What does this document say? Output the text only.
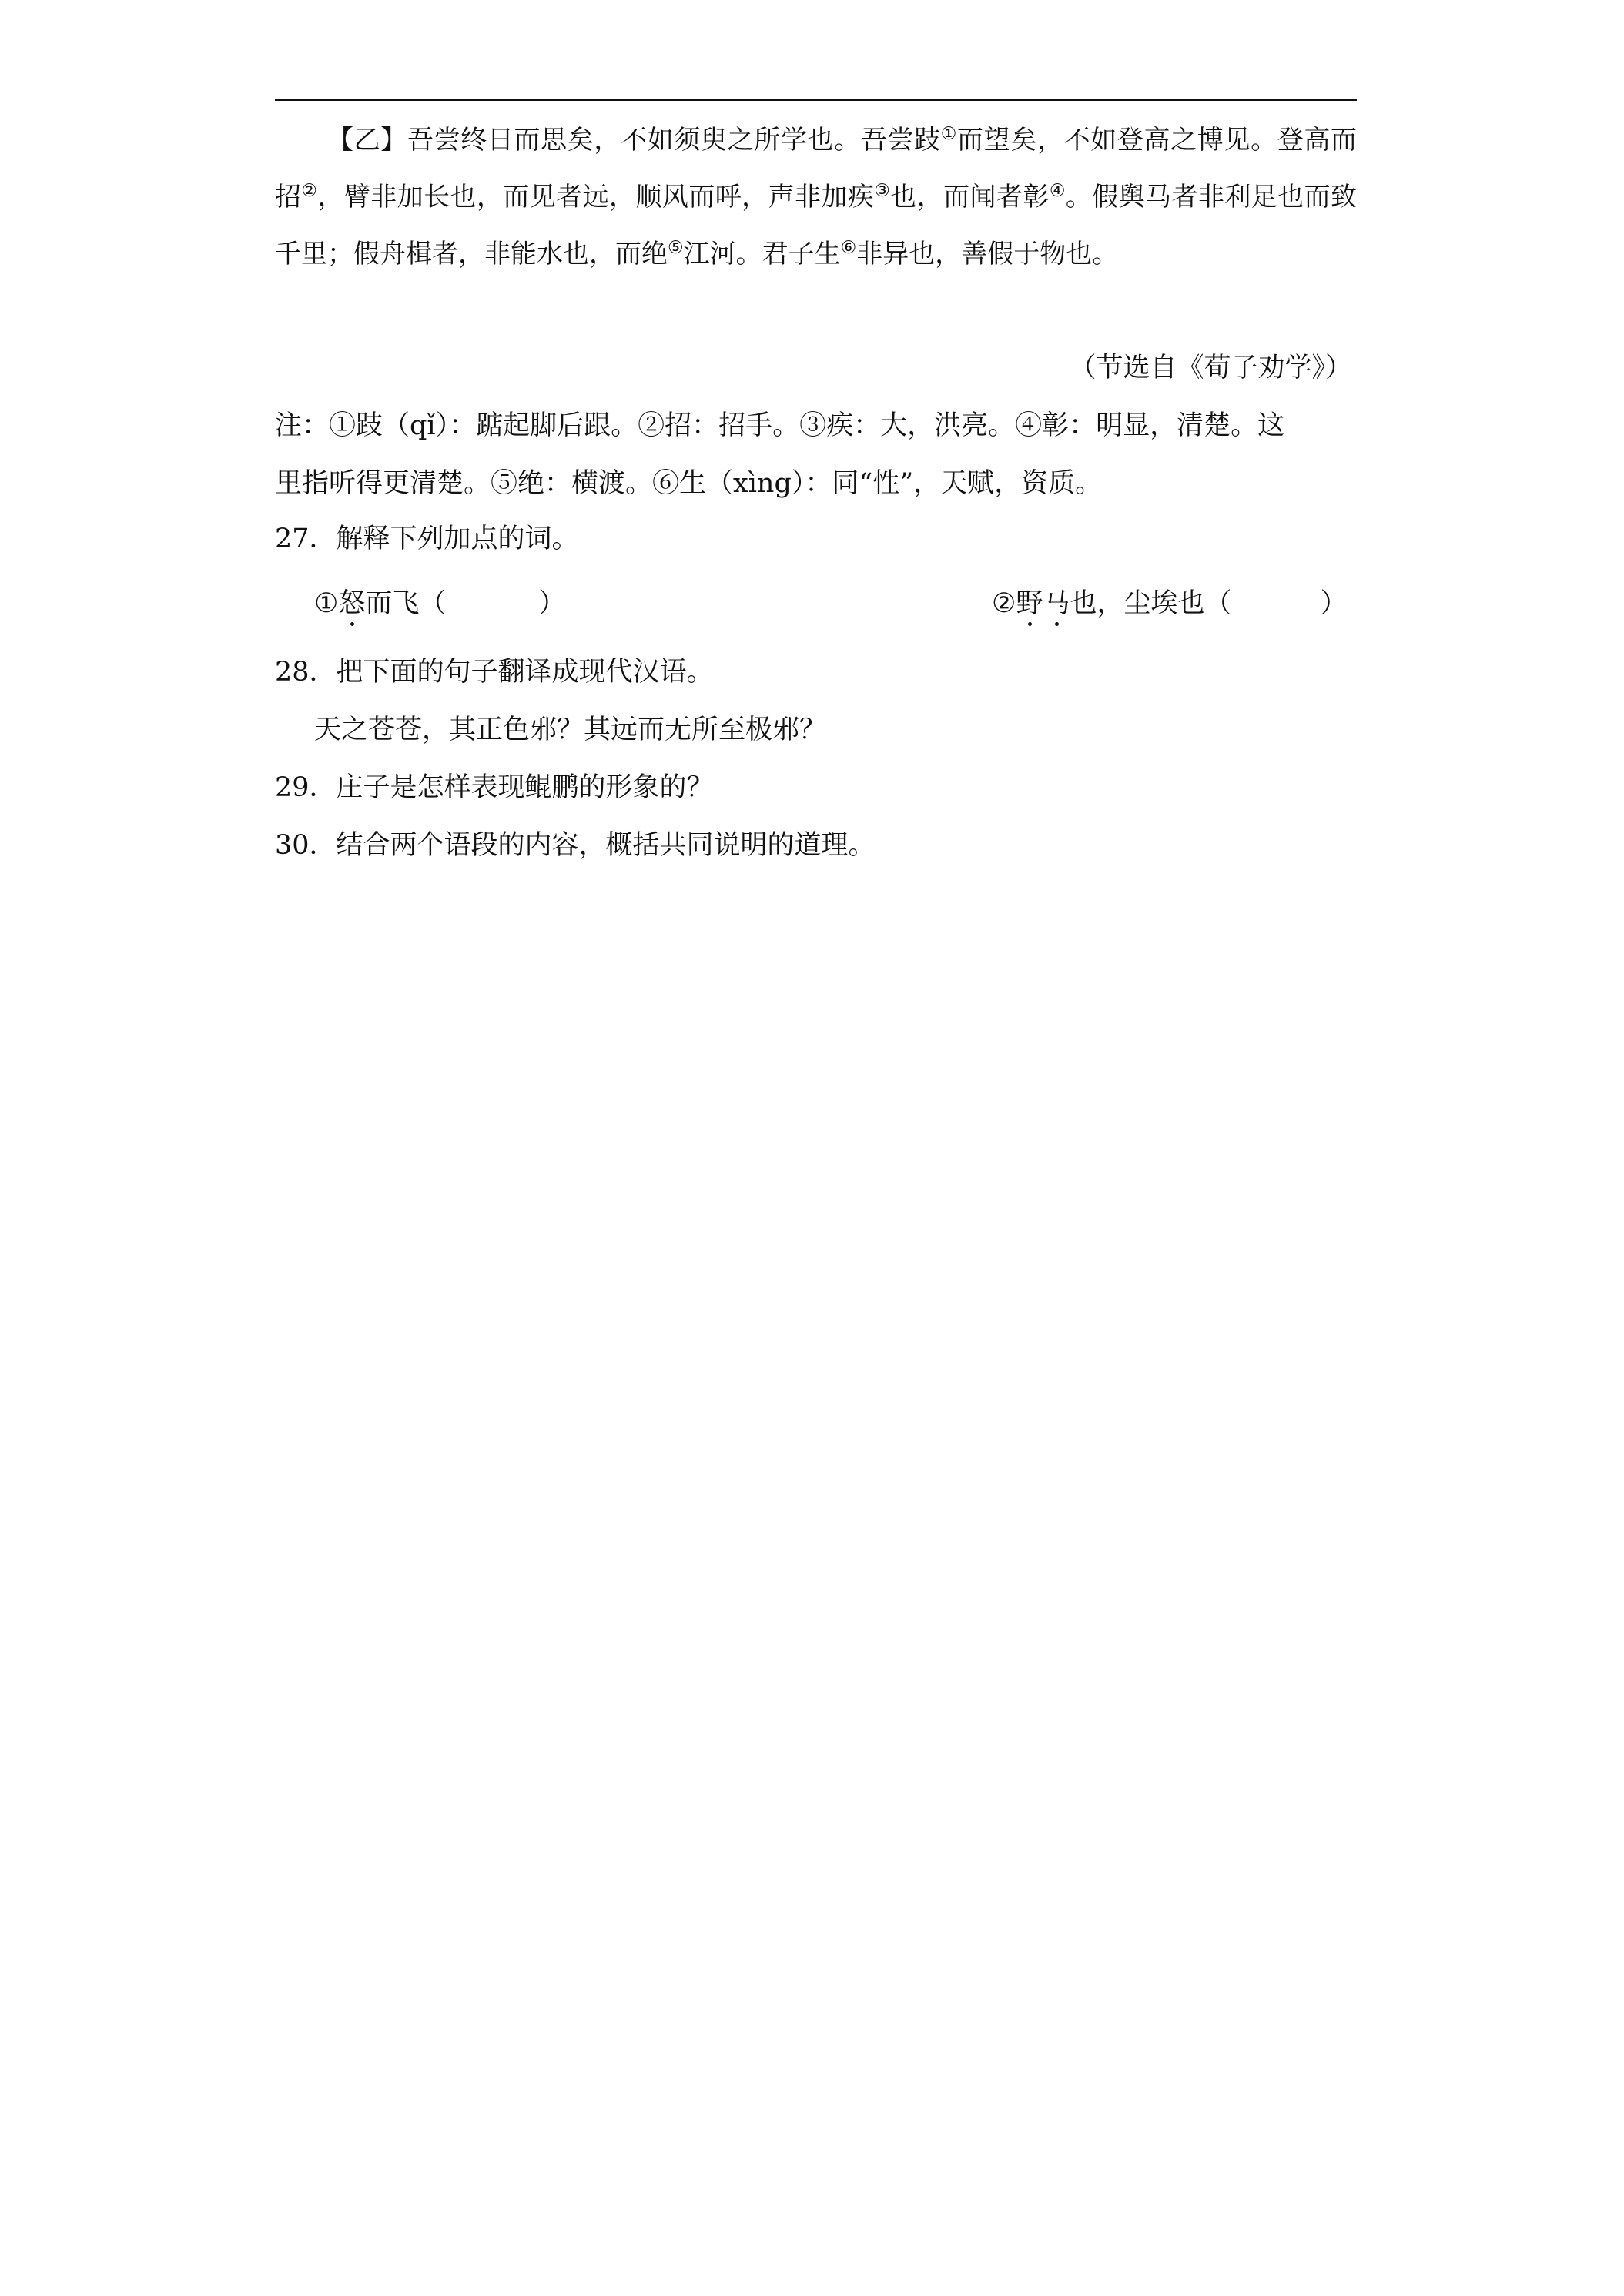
【乙】吾尝终日而思矣，不如须臾之所学也。吾尝跂①而望矣，不如登高之博见。登高而招②，臂非加长也，而见者远，顺风而呼，声非加疾③也，而闻者彰④。假舆马者非利足也而致千里；假舟楫者，非能水也，而绝⑤江河。君子生⑥非异也，善假于物也。
（节选自《荀子劝学》）
注：①跂（qǐ）：踮起脚后跟。②招：招手。③疾：大，洪亮。④彰：明显，清楚。这
里指听得更清楚。⑤绝：横渡。⑥生（xìng）：同“性”，天赋，资质。
27．解释下列加点的词。
①怒而飞（	）	②野马也，尘埃也（	）
28．把下面的句子翻译成现代汉语。
天之苍苍，其正色邪？其远而无所至极邪？
29．庄子是怎样表现鲲鹏的形象的？
30．结合两个语段的内容，概括共同说明的道理。
